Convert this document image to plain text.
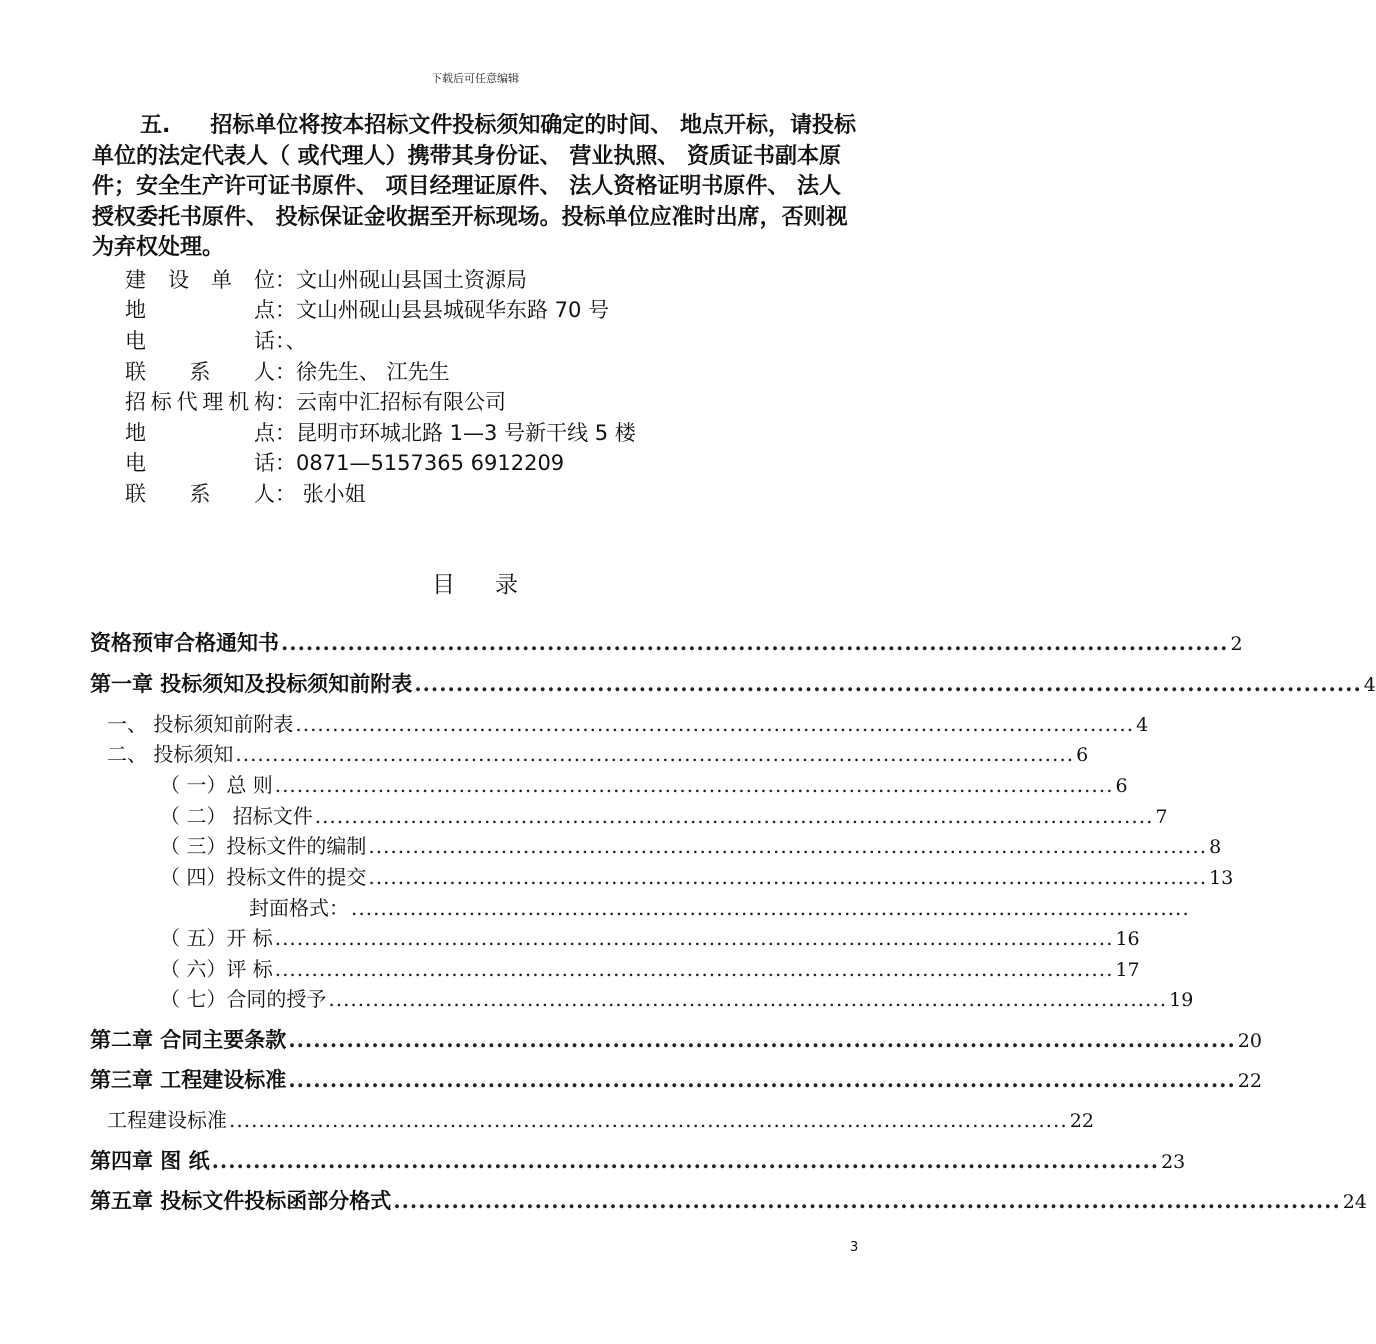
下载后可任意编辑

五. 招标单位将按本招标文件投标须知确定的时间、 地点开标，请投标单位的法定代表人（ 或代理人）携带其身份证、 营业执照、 资质证书副本原件；安全生产许可证书原件、 项目经理证原件、 法人资格证明书原件、 法人授权委托书原件、 投标保证金收据至开标现场。投标单位应准时出席，否则视为弃权处理。

建设单位：文山州砚山县国土资源局
地点：文山州砚山县县城砚华东路 70 号
电话：、
联系人：徐先生、 江先生
招标代理机构：云南中汇招标有限公司
地点：昆明市环城北路 1—3 号新干线 5 楼
电话：0871—5157365 6912209
联系人： 张小姐
目录
资格预审合格通知书 .................................................................................................................. 2
第一章 投标须知及投标须知前附表 .................................................................................................................. 4
一、 投标须知前附表 .................................................................................................................. 4
二、 投标须知 .................................................................................................................. 6
（ 一）总 则 .................................................................................................................. 6
（ 二） 招标文件 .................................................................................................................. 7
（ 三）投标文件的编制 .................................................................................................................. 8
（ 四）投标文件的提交 .................................................................................................................. 13
封面格式： ..................................................................................................................
（ 五）开 标 .................................................................................................................. 16
（ 六）评 标 .................................................................................................................. 17
（ 七）合同的授予 .................................................................................................................. 19
第二章 合同主要条款 .................................................................................................................. 20
第三章 工程建设标准 .................................................................................................................. 22
工程建设标准 .................................................................................................................. 22
第四章 图 纸 .................................................................................................................. 23
第五章 投标文件投标函部分格式 .................................................................................................................. 24
3
